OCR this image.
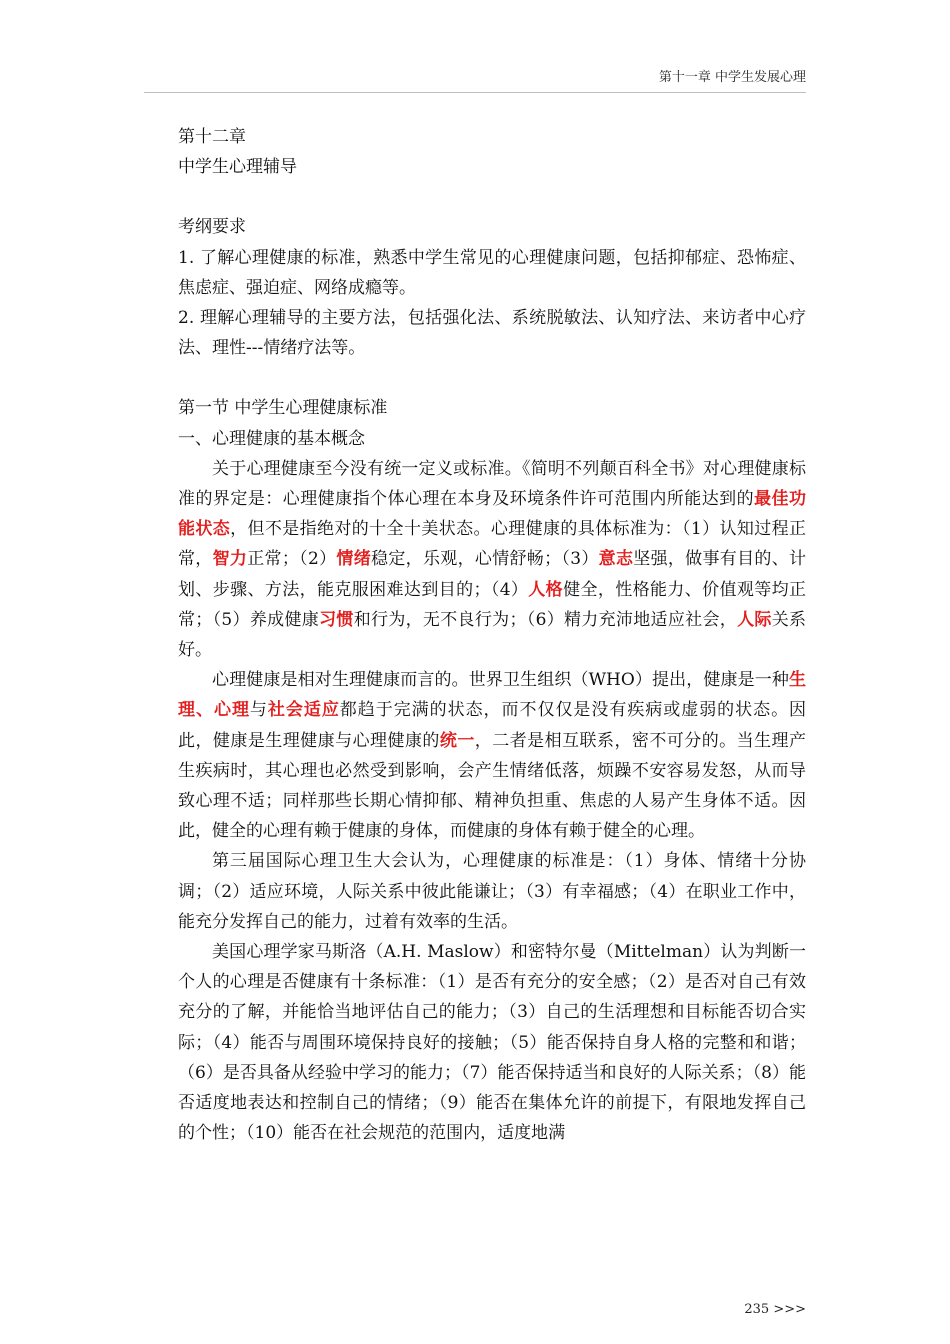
第十一章 中学生发展心理

第十二章

中学生心理辅导

考纲要求

1. 了解心理健康的标准，熟悉中学生常见的心理健康问题，包括抑郁症、恐怖症、焦虑症、强迫症、网络成瘾等。

2. 理解心理辅导的主要方法，包括强化法、系统脱敏法、认知疗法、来访者中心疗法、理性---情绪疗法等。

第一节 中学生心理健康标准

一、心理健康的基本概念

关于心理健康至今没有统一定义或标准。《简明不列颠百科全书》对心理健康标准的界定是：心理健康指个体心理在本身及环境条件许可范围内所能达到的最佳功能状态，但不是指绝对的十全十美状态。心理健康的具体标准为：（1）认知过程正常，智力正常；（2）情绪稳定，乐观，心情舒畅；（3）意志坚强，做事有目的、计划、步骤、方法，能克服困难达到目的；（4）人格健全，性格能力、价值观等均正常；（5）养成健康习惯和行为，无不良行为；（6）精力充沛地适应社会，人际关系好。

心理健康是相对生理健康而言的。世界卫生组织（WHO）提出，健康是一种生理、心理与社会适应都趋于完满的状态，而不仅仅是没有疾病或虚弱的状态。因此，健康是生理健康与心理健康的统一，二者是相互联系，密不可分的。当生理产生疾病时，其心理也必然受到影响，会产生情绪低落，烦躁不安容易发怒，从而导致心理不适；同样那些长期心情抑郁、精神负担重、焦虑的人易产生身体不适。因此，健全的心理有赖于健康的身体，而健康的身体有赖于健全的心理。

第三届国际心理卫生大会认为，心理健康的标准是：（1）身体、情绪十分协调；（2）适应环境，人际关系中彼此能谦让；（3）有幸福感；（4）在职业工作中，能充分发挥自己的能力，过着有效率的生活。

美国心理学家马斯洛（A.H. Maslow）和密特尔曼（Mittelman）认为判断一个人的心理是否健康有十条标准：（1）是否有充分的安全感；（2）是否对自己有效充分的了解，并能恰当地评估自己的能力；（3）自己的生活理想和目标能否切合实际；（4）能否与周围环境保持良好的接触；（5）能否保持自身人格的完整和和谐；（6）是否具备从经验中学习的能力；（7）能否保持适当和良好的人际关系；（8）能否适度地表达和控制自己的情绪；（9）能否在集体允许的前提下，有限地发挥自己的个性；（10）能否在社会规范的范围内，适度地满

235 >>>
